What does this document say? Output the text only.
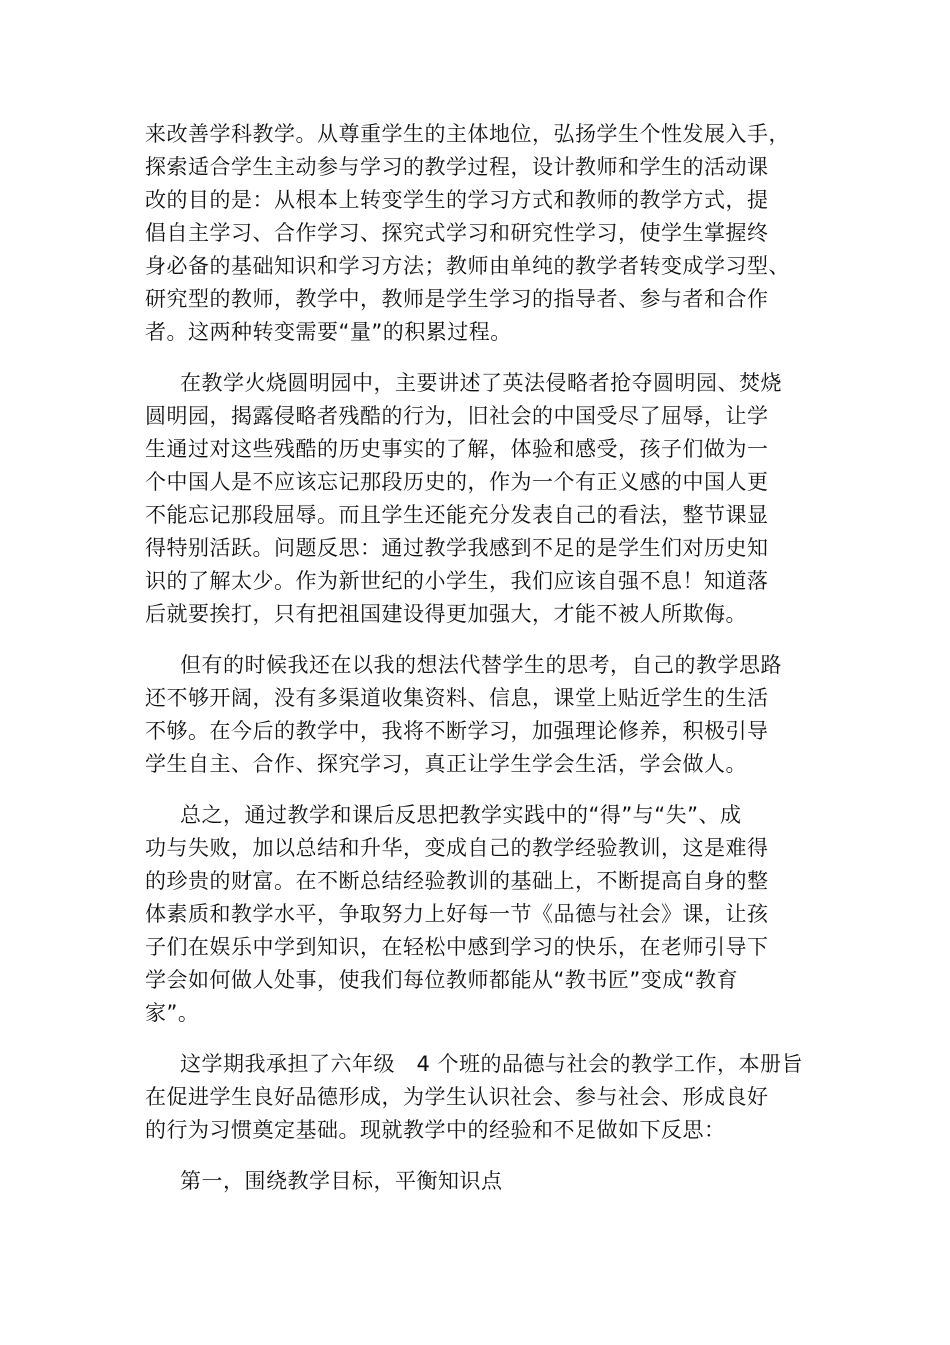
来改善学科教学。从尊重学生的主体地位，弘扬学生个性发展入手，
探索适合学生主动参与学习的教学过程，设计教师和学生的活动课
改的目的是：从根本上转变学生的学习方式和教师的教学方式，提
倡自主学习、合作学习、探究式学习和研究性学习，使学生掌握终
身必备的基础知识和学习方法；教师由单纯的教学者转变成学习型、
研究型的教师，教学中，教师是学生学习的指导者、参与者和合作
者。这两种转变需要“量”的积累过程。
在教学火烧圆明园中，主要讲述了英法侵略者抢夺圆明园、焚烧
圆明园，揭露侵略者残酷的行为，旧社会的中国受尽了屈辱，让学
生通过对这些残酷的历史事实的了解，体验和感受，孩子们做为一
个中国人是不应该忘记那段历史的，作为一个有正义感的中国人更
不能忘记那段屈辱。而且学生还能充分发表自己的看法，整节课显
得特别活跃。问题反思：通过教学我感到不足的是学生们对历史知
识的了解太少。作为新世纪的小学生，我们应该自强不息！知道落
后就要挨打，只有把祖国建设得更加强大，才能不被人所欺侮。
但有的时候我还在以我的想法代替学生的思考，自己的教学思路
还不够开阔，没有多渠道收集资料、信息，课堂上贴近学生的生活
不够。在今后的教学中，我将不断学习，加强理论修养，积极引导
学生自主、合作、探究学习，真正让学生学会生活，学会做人。
总之，通过教学和课后反思把教学实践中的“得”与“失”、成
功与失败，加以总结和升华，变成自己的教学经验教训，这是难得
的珍贵的财富。在不断总结经验教训的基础上，不断提高自身的整
体素质和教学水平，争取努力上好每一节《品德与社会》课，让孩
子们在娱乐中学到知识，在轻松中感到学习的快乐，在老师引导下
学会如何做人处事，使我们每位教师都能从“教书匠”变成“教育
家”。
这学期我承担了六年级　4 个班的品德与社会的教学工作，本册旨
在促进学生良好品德形成，为学生认识社会、参与社会、形成良好
的行为习惯奠定基础。现就教学中的经验和不足做如下反思：
第一，围绕教学目标，平衡知识点
